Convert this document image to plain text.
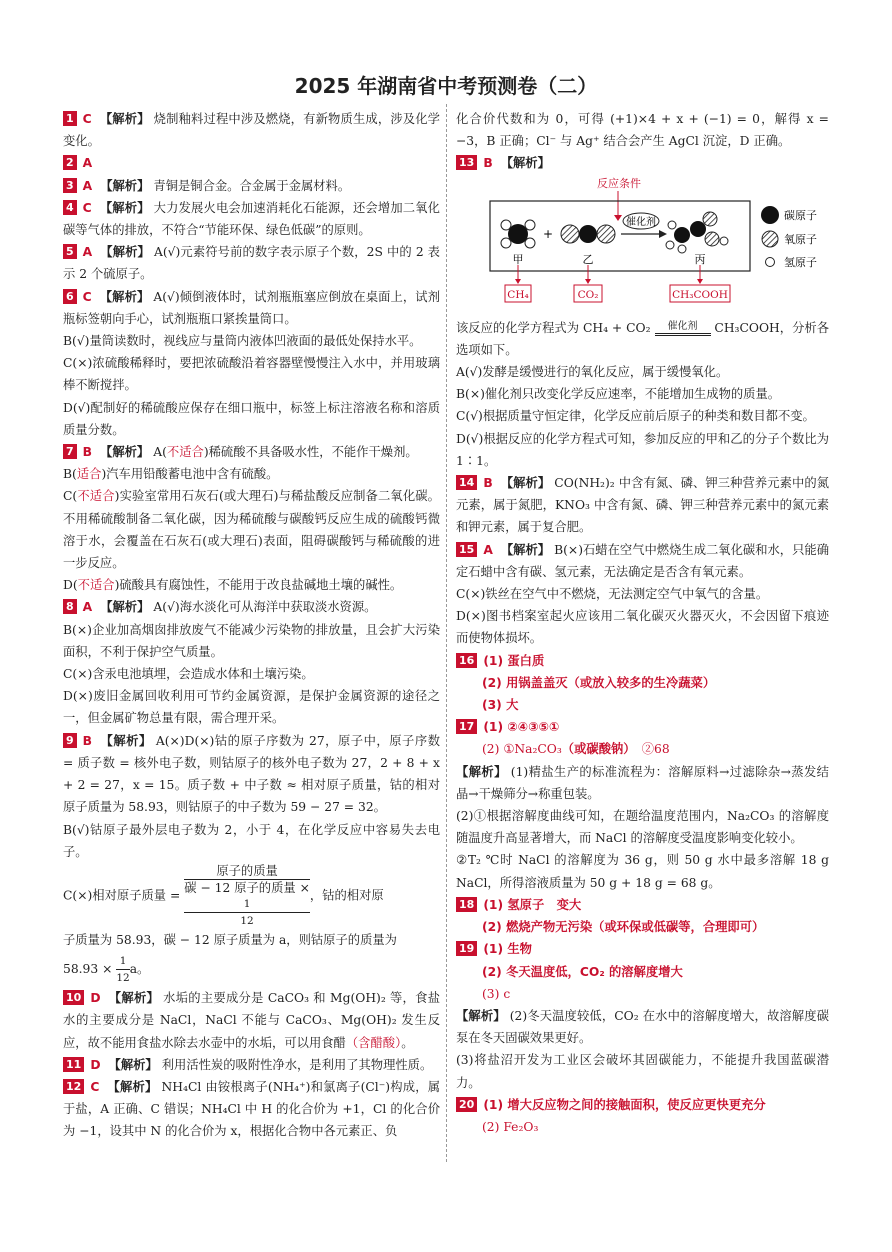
2025 年湖南省中考预测卷（二）

1 C 【解析】 烧制釉料过程中涉及燃烧，有新物质生成，涉及化学变化。

2 A

3 A 【解析】 青铜是铜合金。合金属于金属材料。

4 C 【解析】 大力发展火电会加速消耗化石能源，还会增加二氧化碳等气体的排放，不符合“节能环保、绿色低碳”的原则。

5 A 【解析】 A(√)元素符号前的数字表示原子个数，2S 中的 2 表示 2 个硫原子。

6 C 【解析】 A(√)倾倒液体时，试剂瓶瓶塞应倒放在桌面上，试剂瓶标签朝向手心，试剂瓶瓶口紧挨量筒口。

B(√)量筒读数时，视线应与量筒内液体凹液面的最低处保持水平。

C(×)浓硫酸稀释时，要把浓硫酸沿着容器壁慢慢注入水中，并用玻璃棒不断搅拌。

D(√)配制好的稀硫酸应保存在细口瓶中，标签上标注溶液名称和溶质质量分数。

7 B 【解析】 A(不适合)稀硫酸不具备吸水性，不能作干燥剂。

B(适合)汽车用铅酸蓄电池中含有硫酸。

C(不适合)实验室常用石灰石(或大理石)与稀盐酸反应制备二氧化碳。不用稀硫酸制备二氧化碳，因为稀硫酸与碳酸钙反应生成的硫酸钙微溶于水，会覆盖在石灰石(或大理石)表面，阻碍碳酸钙与稀硫酸的进一步反应。

D(不适合)硫酸具有腐蚀性，不能用于改良盐碱地土壤的碱性。

8 A 【解析】 A(√)海水淡化可从海洋中获取淡水资源。

B(×)企业加高烟囱排放废气不能减少污染物的排放量，且会扩大污染面积，不利于保护空气质量。

C(×)含汞电池填埋，会造成水体和土壤污染。

D(×)废旧金属回收利用可节约金属资源，是保护金属资源的途径之一，但金属矿物总量有限，需合理开采。

9 B 【解析】 A(×)D(×)钴的原子序数为 27，原子中，原子序数 = 质子数 = 核外电子数，则钴原子的核外电子数为 27，2 + 8 + x + 2 = 27，x = 15。质子数 + 中子数 ≈ 相对原子质量，钴的相对原子质量为 58.93，则钴原子的中子数为 59 − 27 = 32。

B(√)钴原子最外层电子数为 2，小于 4，在化学反应中容易失去电子。

C(×)相对原子质量 = 原子的质量
碳 − 12 原子的质量 ×
1
12 ，钴的相对原

子质量为 58.93，碳 − 12 原子质量为 a，则钴原子的质量为

$58.93 \times \frac{1}{12}$ a。

10 D 【解析】 水垢的主要成分是 CaCO₃ 和 Mg(OH)₂ 等，食盐水的主要成分是 NaCl，NaCl 不能与 CaCO₃、Mg(OH)₂ 发生反应，故不能用食盐水除去水壶中的水垢，可以用食醋（含醋酸）。

11 D 【解析】 利用活性炭的吸附性净水，是利用了其物理性质。

12 C 【解析】 NH₄Cl 由铵根离子(NH₄⁺)和氯离子(Cl⁻)构成，属于盐，A 正确、C 错误；NH₄Cl 中 H 的化合价为 +1，Cl 的化合价为 −1，设其中 N 的化合价为 x，根据化合物中各元素正、负

化合价代数和为 0，可得 (+1)×4 + x + (−1) = 0，解得 x = −3，B 正确；Cl⁻ 与 Ag⁺ 结合会产生 AgCl 沉淀，D 正确。

13 B 【解析】

反应条件
+
催化剂
甲	乙	丙
CH₄	CO₂	CH₃COOH
碳原子
氧原子
氢原子

该反应的化学方程式为 CH₄ + CO₂ 催化剂 CH₃COOH，分析各选项如下。

A(√)发酵是缓慢进行的氧化反应，属于缓慢氧化。

B(×)催化剂只改变化学反应速率，不能增加生成物的质量。

C(√)根据质量守恒定律，化学反应前后原子的种类和数目都不变。

D(√)根据反应的化学方程式可知，参加反应的甲和乙的分子个数比为 1∶1。

14 B 【解析】 CO(NH₂)₂ 中含有氮、磷、钾三种营养元素中的氮元素，属于氮肥，KNO₃ 中含有氮、磷、钾三种营养元素中的氮元素和钾元素，属于复合肥。

15 A 【解析】 B(×)石蜡在空气中燃烧生成二氧化碳和水，只能确定石蜡中含有碳、氢元素，无法确定是否含有氧元素。

C(×)铁丝在空气中不燃烧，无法测定空气中氧气的含量。

D(×)图书档案室起火应该用二氧化碳灭火器灭火，不会因留下痕迹而使物体损坏。

16 (1) 蛋白质

(2) 用锅盖盖灭（或放入较多的生冷蔬菜）

(3) 大

17 (1) ②④③⑤①

(2) ①Na₂CO₃（或碳酸钠）　 ②68

【解析】 (1)精盐生产的标准流程为：溶解原料→过滤除杂→蒸发结晶→干燥筛分→称重包装。

(2)①根据溶解度曲线可知，在题给温度范围内，Na₂CO₃ 的溶解度随温度升高显著增大，而 NaCl 的溶解度受温度影响变化较小。

②T₂ ℃时 NaCl 的溶解度为 36 g，则 50 g 水中最多溶解 18 g NaCl，所得溶液质量为 50 g + 18 g = 68 g。

18 (1) 氢原子　变大

(2) 燃烧产物无污染（或环保或低碳等，合理即可）

19 (1) 生物

(2) 冬天温度低，CO₂ 的溶解度增大

(3) c

【解析】 (2)冬天温度较低，CO₂ 在水中的溶解度增大，故溶解度碳泵在冬天固碳效果更好。

(3)将盐沼开发为工业区会破坏其固碳能力，不能提升我国蓝碳潜力。

20 (1) 增大反应物之间的接触面积，使反应更快更充分

(2) Fe₂O₃
